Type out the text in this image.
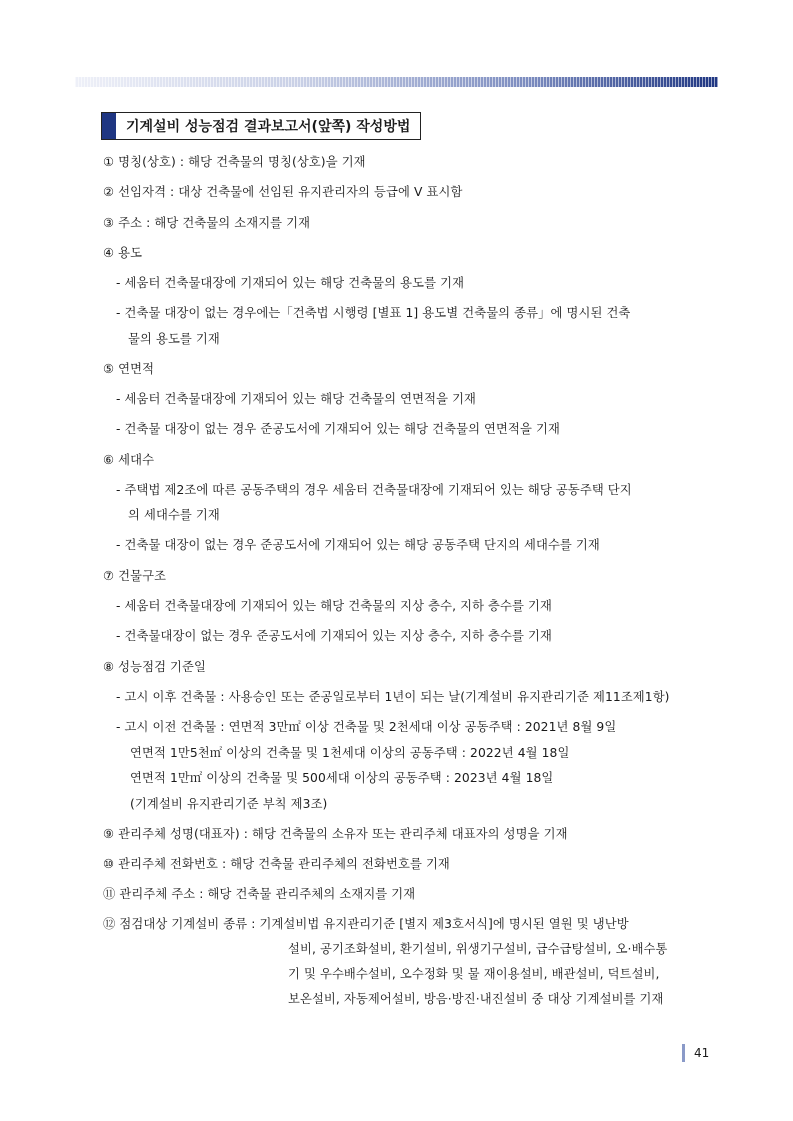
기계설비 성능점검 결과보고서(앞쪽) 작성방법
① 명칭(상호) : 해당 건축물의 명칭(상호)을 기재
② 선임자격 : 대상 건축물에 선임된 유지관리자의 등급에 V 표시함
③ 주소 : 해당 건축물의 소재지를 기재
④ 용도
- 세움터 건축물대장에 기재되어 있는 해당 건축물의 용도를 기재
- 건축물 대장이 없는 경우에는「건축법 시행령 [별표 1] 용도별 건축물의 종류」에 명시된 건축
물의 용도를 기재
⑤ 연면적
- 세움터 건축물대장에 기재되어 있는 해당 건축물의 연면적을 기재
- 건축물 대장이 없는 경우 준공도서에 기재되어 있는 해당 건축물의 연면적을 기재
⑥ 세대수
- 주택법 제2조에 따른 공동주택의 경우 세움터 건축물대장에 기재되어 있는 해당 공동주택 단지
의 세대수를 기재
- 건축물 대장이 없는 경우 준공도서에 기재되어 있는 해당 공동주택 단지의 세대수를 기재
⑦ 건물구조
- 세움터 건축물대장에 기재되어 있는 해당 건축물의 지상 층수, 지하 층수를 기재
- 건축물대장이 없는 경우 준공도서에 기재되어 있는 지상 층수, 지하 층수를 기재
⑧ 성능점검 기준일
- 고시 이후 건축물 : 사용승인 또는 준공일로부터 1년이 되는 날(기계설비 유지관리기준 제11조제1항)
- 고시 이전 건축물 : 연면적 3만㎡ 이상 건축물 및 2천세대 이상 공동주택 : 2021년 8월 9일
연면적 1만5천㎡ 이상의 건축물 및 1천세대 이상의 공동주택 : 2022년 4월 18일
연면적 1만㎡ 이상의 건축물 및 500세대 이상의 공동주택 : 2023년 4월 18일
(기계설비 유지관리기준 부칙 제3조)
⑨ 관리주체 성명(대표자) : 해당 건축물의 소유자 또는 관리주체 대표자의 성명을 기재
⑩ 관리주체 전화번호 : 해당 건축물 관리주체의 전화번호를 기재
⑪ 관리주체 주소 : 해당 건축물 관리주체의 소재지를 기재
⑫ 점검대상 기계설비 종류 : 기계설비법 유지관리기준 [별지 제3호서식]에 명시된 열원 및 냉난방
설비, 공기조화설비, 환기설비, 위생기구설비, 급수급탕설비, 오·배수통
기 및 우수배수설비, 오수정화 및 물 재이용설비, 배관설비, 덕트설비,
보온설비, 자동제어설비, 방음·방진·내진설비 중 대상 기계설비를 기재
41
